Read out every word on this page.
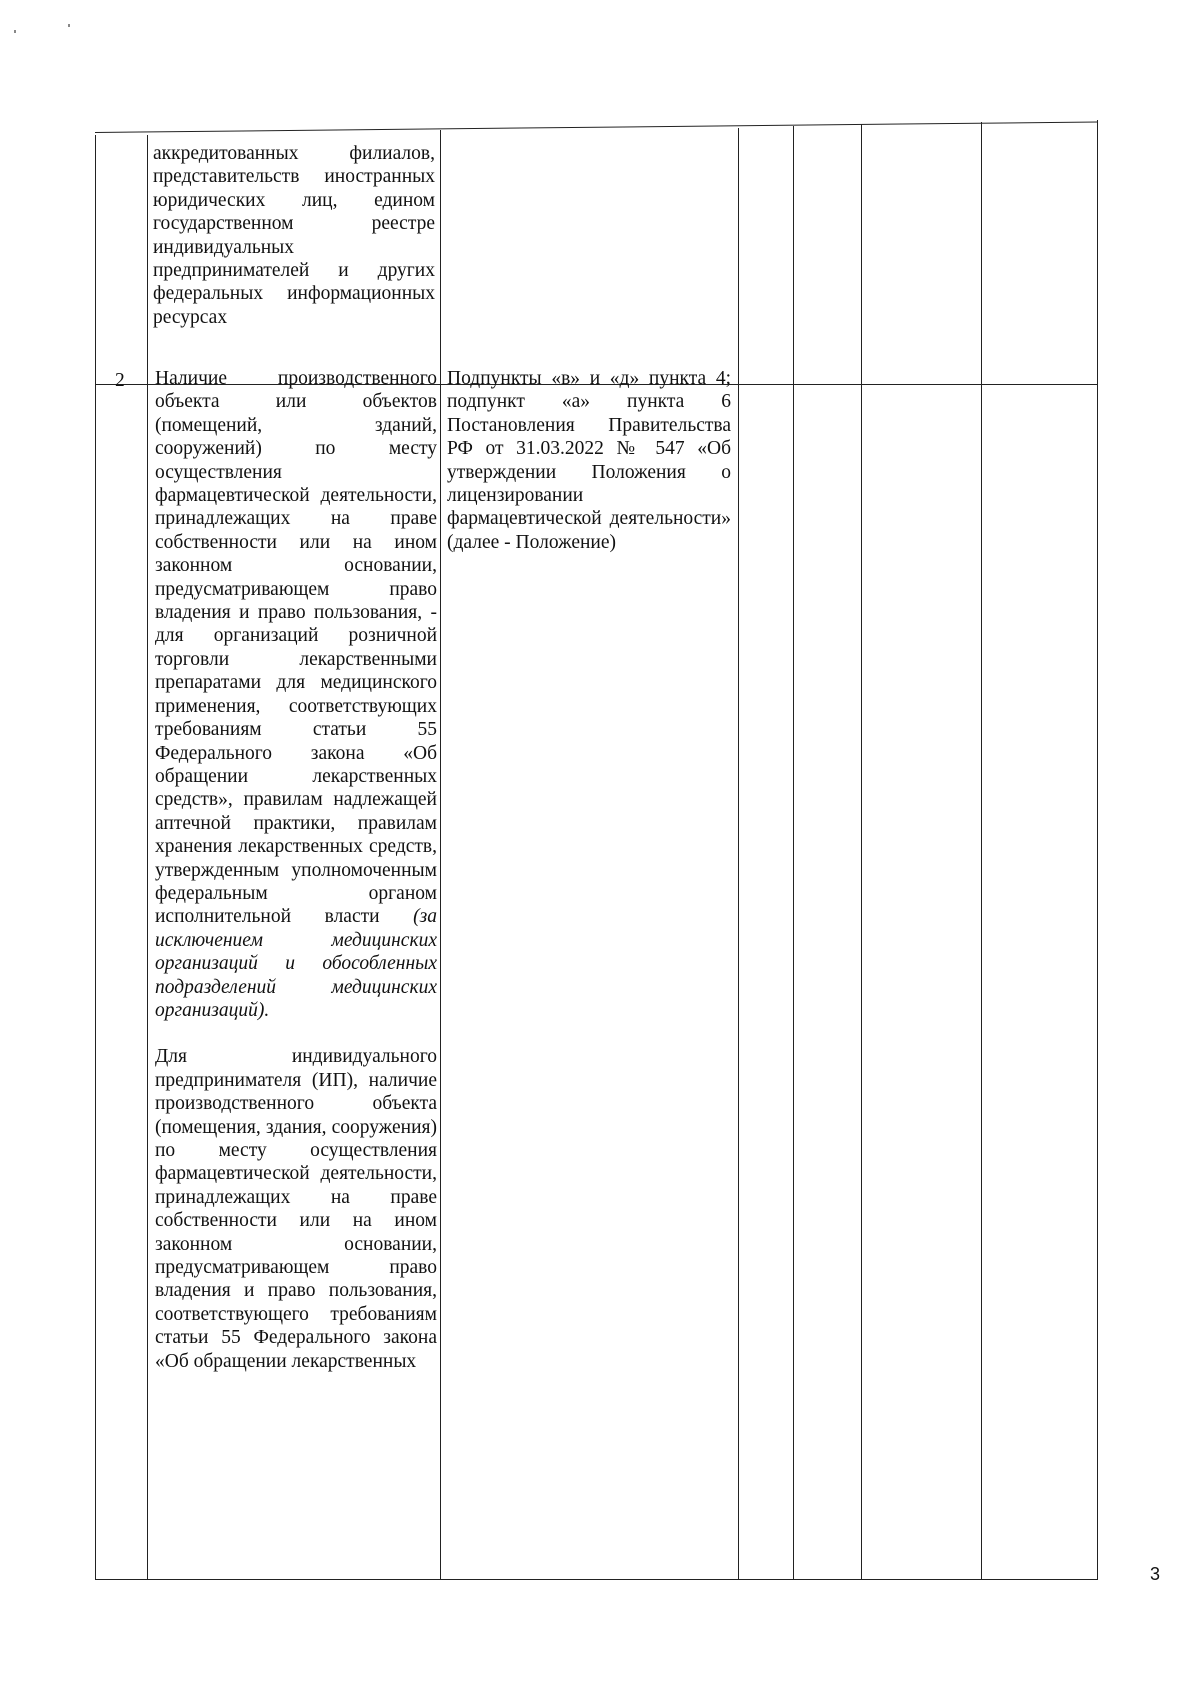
аккредитованных филиалов, представительств иностранных юридических лиц, едином государственном реестре индивидуальных предпринимателей и других федеральных информационных ресурсах

2 Наличие производственного объекта или объектов (помещений, зданий, сооружений) по месту осуществления фармацевтической деятельности, принадлежащих на праве собственности или на ином законном основании, предусматривающем право владения и право пользования, - для организаций розничной торговли лекарственными препаратами для медицинского применения, соответствующих требованиям статьи 55 Федерального закона «Об обращении лекарственных средств», правилам надлежащей аптечной практики, правилам хранения лекарственных средств, утвержденным уполномоченным федеральным органом исполнительной власти (за исключением медицинских организаций и обособленных подразделений медицинских организаций).

Для индивидуального предпринимателя (ИП), наличие производственного объекта (помещения, здания, сооружения) по месту осуществления фармацевтической деятельности, принадлежащих на праве собственности или на ином законном основании, предусматривающем право владения и право пользования, соответствующего требованиям статьи 55 Федерального закона «Об обращении лекарственных

Подпункты «в» и «д» пункта 4; подпункт «а» пункта 6 Постановления Правительства РФ от 31.03.2022 № 547 «Об утверждении Положения о лицензировании фармацевтической деятельности» (далее - Положение)

3
